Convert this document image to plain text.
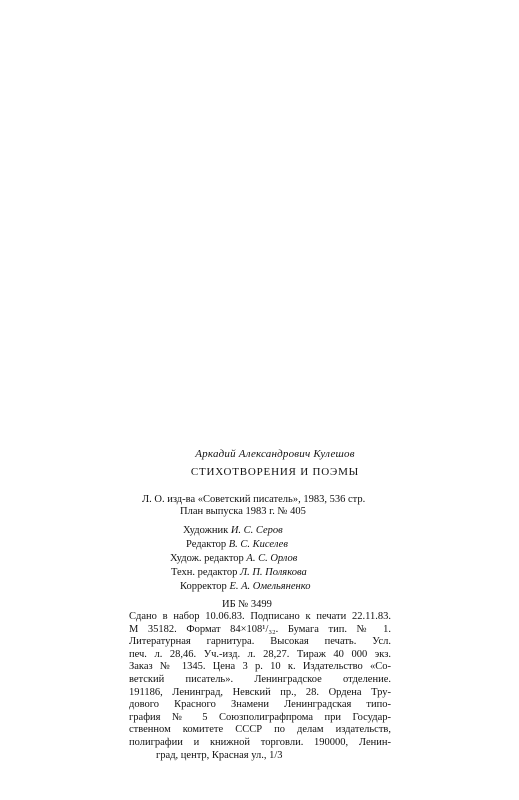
Аркадий Александрович Кулешов
СТИХОТВОРЕНИЯ И ПОЭМЫ
Л. О. изд-ва «Советский писатель», 1983, 536 стр.
План выпуска 1983 г. № 405
Художник И. С. Серов
Редактор В. С. Киселев
Худож. редактор А. С. Орлов
Техн. редактор Л. П. Полякова
Корректор Е. А. Омельяненко
ИБ № 3499
Сдано в набор 10.06.83. Подписано к печати 22.11.83.
М 35182. Формат 84×108¹/₃₂. Бумага тип. № 1.
Литературная гарнитура. Высокая печать. Усл.
печ. л. 28,46. Уч.-изд. л. 28,27. Тираж 40 000 экз.
Заказ № 1345. Цена 3 р. 10 к. Издательство «Со-
ветский писатель». Ленинградское отделение.
191186, Ленинград, Невский пр., 28. Ордена Тру-
дового Красного Знамени Ленинградская типо-
графия № 5 Союзполиграфпрома при Государ-
ственном комитете СССР по делам издательств,
полиграфии и книжной торговли. 190000, Ленин-
град, центр, Красная ул., 1/3
